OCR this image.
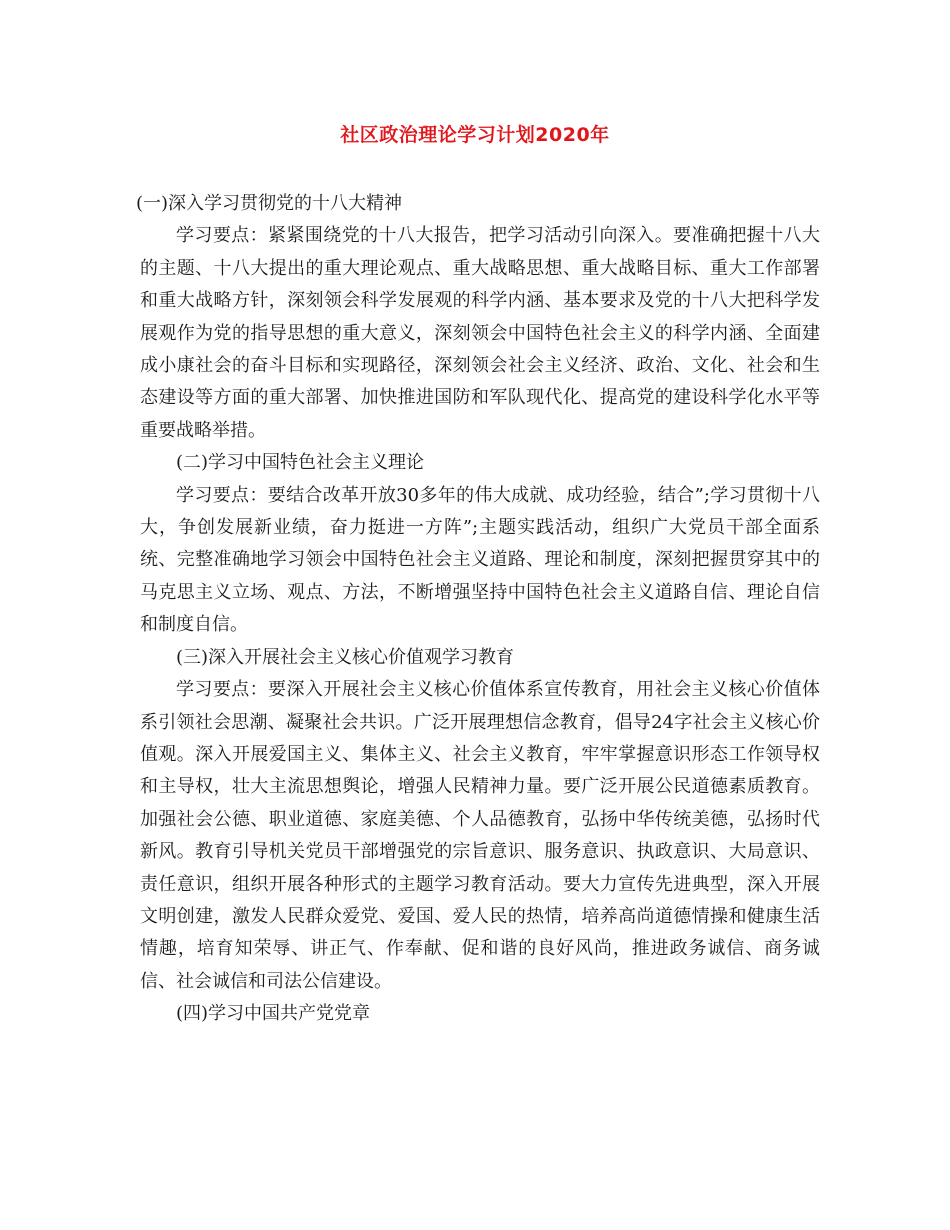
社区政治理论学习计划2020年

(一)深入学习贯彻党的十八大精神

学习要点：紧紧围绕党的十八大报告，把学习活动引向深入。要准确把握十八大的主题、十八大提出的重大理论观点、重大战略思想、重大战略目标、重大工作部署和重大战略方针，深刻领会科学发展观的科学内涵、基本要求及党的十八大把科学发展观作为党的指导思想的重大意义，深刻领会中国特色社会主义的科学内涵、全面建成小康社会的奋斗目标和实现路径，深刻领会社会主义经济、政治、文化、社会和生态建设等方面的重大部署、加快推进国防和军队现代化、提高党的建设科学化水平等重要战略举措。

(二)学习中国特色社会主义理论

学习要点：要结合改革开放30多年的伟大成就、成功经验，结合”;学习贯彻十八大，争创发展新业绩，奋力挺进一方阵”;主题实践活动，组织广大党员干部全面系统、完整准确地学习领会中国特色社会主义道路、理论和制度，深刻把握贯穿其中的马克思主义立场、观点、方法，不断增强坚持中国特色社会主义道路自信、理论自信和制度自信。

(三)深入开展社会主义核心价值观学习教育

学习要点：要深入开展社会主义核心价值体系宣传教育，用社会主义核心价值体系引领社会思潮、凝聚社会共识。广泛开展理想信念教育，倡导24字社会主义核心价值观。深入开展爱国主义、集体主义、社会主义教育，牢牢掌握意识形态工作领导权和主导权，壮大主流思想舆论，增强人民精神力量。要广泛开展公民道德素质教育。加强社会公德、职业道德、家庭美德、个人品德教育，弘扬中华传统美德，弘扬时代新风。教育引导机关党员干部增强党的宗旨意识、服务意识、执政意识、大局意识、责任意识，组织开展各种形式的主题学习教育活动。要大力宣传先进典型，深入开展文明创建，激发人民群众爱党、爱国、爱人民的热情，培养高尚道德情操和健康生活情趣，培育知荣辱、讲正气、作奉献、促和谐的良好风尚，推进政务诚信、商务诚信、社会诚信和司法公信建设。

(四)学习中国共产党党章
